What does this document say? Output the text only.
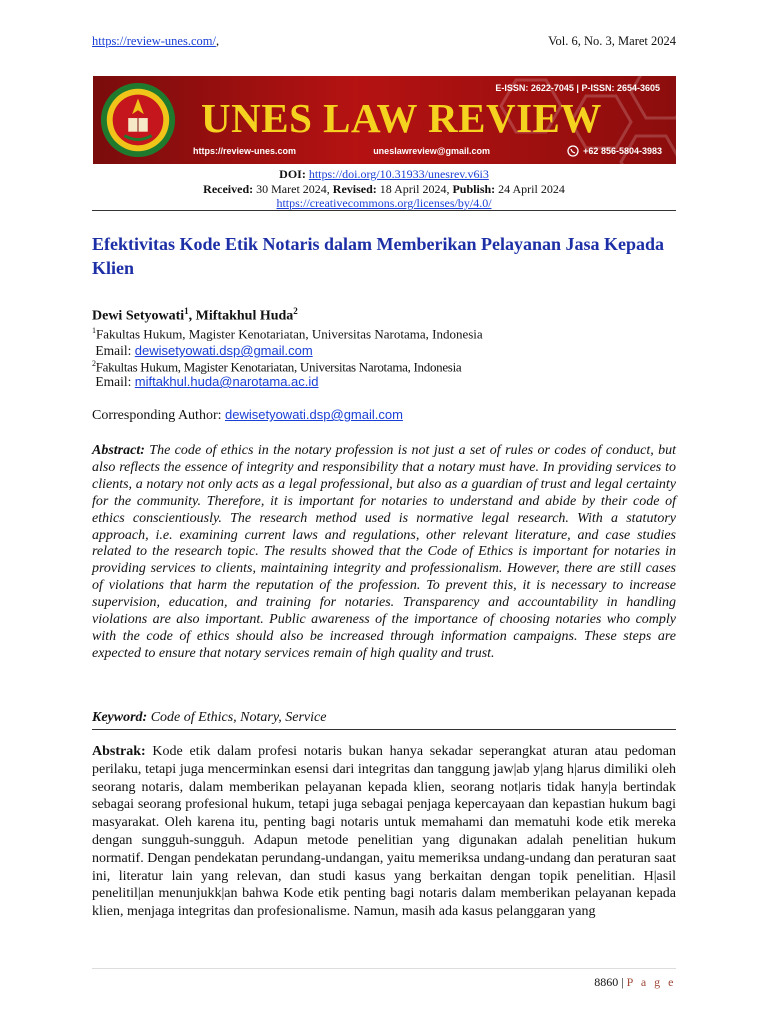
https://review-unes.com/,	Vol. 6, No. 3, Maret 2024
E-ISSN: 2622-7045 | P-ISSN: 2654-3605
UNES LAW REVIEW
https://review-unes.com	uneslawreview@gmail.com	+62 856-5804-3983
DOI: https://doi.org/10.31933/unesrev.v6i3
Received: 30 Maret 2024, Revised: 18 April 2024, Publish: 24 April 2024
https://creativecommons.org/licenses/by/4.0/
Efektivitas Kode Etik Notaris dalam Memberikan Pelayanan Jasa Kepada Klien
Dewi Setyowati$^1$, Miftakhul Huda$^2$
$^1$Fakultas Hukum, Magister Kenotariatan, Universitas Narotama, Indonesia
Email: dewisetyowati.dsp@gmail.com
$^2$Fakultas Hukum, Magister Kenotariatan, Universitas Narotama, Indonesia
Email: miftakhul.huda@narotama.ac.id
Corresponding Author: dewisetyowati.dsp@gmail.com
Abstract: The code of ethics in the notary profession is not just a set of rules or codes of conduct, but also reflects the essence of integrity and responsibility that a notary must have. In providing services to clients, a notary not only acts as a legal professional, but also as a guardian of trust and legal certainty for the community. Therefore, it is important for notaries to understand and abide by their code of ethics conscientiously. The research method used is normative legal research. With a statutory approach, i.e. examining current laws and regulations, other relevant literature, and case studies related to the research topic. The results showed that the Code of Ethics is important for notaries in providing services to clients, maintaining integrity and professionalism. However, there are still cases of violations that harm the reputation of the profession. To prevent this, it is necessary to increase supervision, education, and training for notaries. Transparency and accountability in handling violations are also important. Public awareness of the importance of choosing notaries who comply with the code of ethics should also be increased through information campaigns. These steps are expected to ensure that notary services remain of high quality and trust.
Keyword: Code of Ethics, Notary, Service
Abstrak: Kode etik dalam profesi notaris bukan hanya sekadar seperangkat aturan atau pedoman perilaku, tetapi juga mencerminkan esensi dari integritas dan tanggung jaw|ab y|ang h|arus dimiliki oleh seorang notaris, dalam memberikan pelayanan kepada klien, seorang not|aris tidak hany|a bertindak sebagai seorang profesional hukum, tetapi juga sebagai penjaga kepercayaan dan kepastian hukum bagi masyarakat. Oleh karena itu, penting bagi notaris untuk memahami dan mematuhi kode etik mereka dengan sungguh-sungguh. Adapun metode penelitian yang digunakan adalah penelitian hukum normatif. Dengan pendekatan perundang-undangan, yaitu memeriksa undang-undang dan peraturan saat ini, literatur lain yang relevan, dan studi kasus yang berkaitan dengan topik penelitian. H|asil penelitil|an menunjukk|an bahwa Kode etik penting bagi notaris dalam memberikan pelayanan kepada klien, menjaga integritas dan profesionalisme. Namun, masih ada kasus pelanggaran yang
8860 | P a g e
